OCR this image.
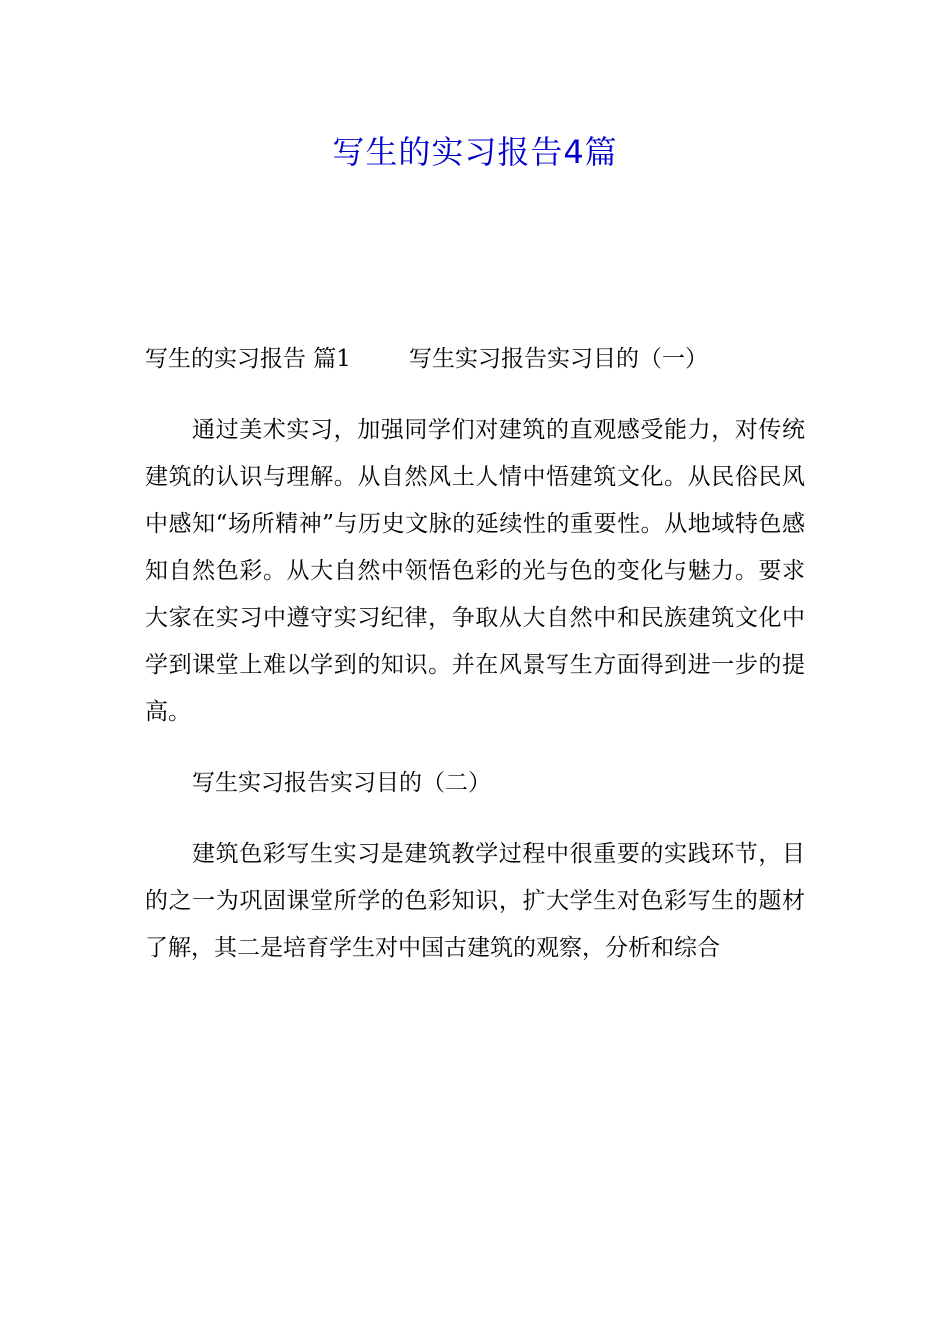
写生的实习报告4篇

写生的实习报告 篇1	写生实习报告实习目的（一）

通过美术实习，加强同学们对建筑的直观感受能力，对传统建筑的认识与理解。从自然风土人情中悟建筑文化。从民俗民风中感知“场所精神”与历史文脉的延续性的重要性。从地域特色感知自然色彩。从大自然中领悟色彩的光与色的变化与魅力。要求大家在实习中遵守实习纪律，争取从大自然中和民族建筑文化中学到课堂上难以学到的知识。并在风景写生方面得到进一步的提高。

写生实习报告实习目的（二）

建筑色彩写生实习是建筑教学过程中很重要的实践环节，目的之一为巩固课堂所学的色彩知识，扩大学生对色彩写生的题材了解，其二是培育学生对中国古建筑的观察，分析和综合
